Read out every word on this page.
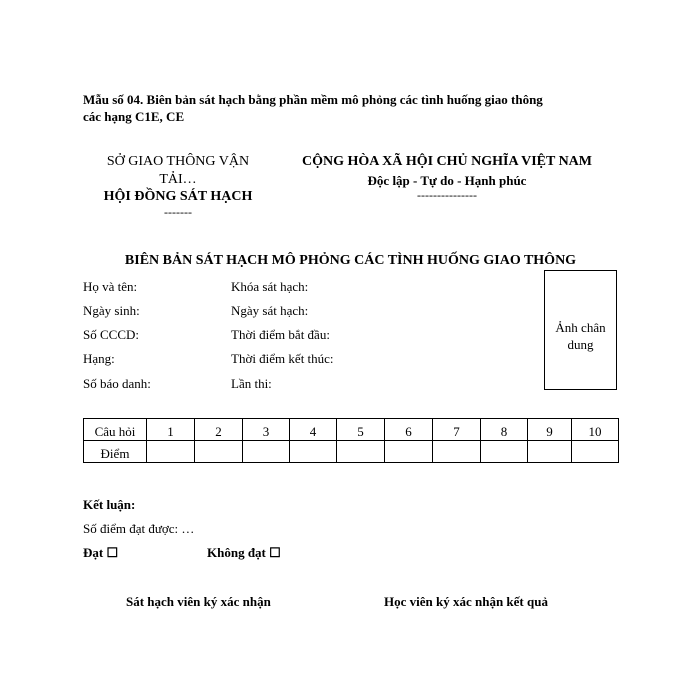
Mẫu số 04. Biên bản sát hạch bằng phần mềm mô phỏng các tình huống giao thông
các hạng C1E, CE
SỞ GIAO THÔNG VẬN
TẢI…
HỘI ĐỒNG SÁT HẠCH
-------
CỘNG HÒA XÃ HỘI CHỦ NGHĨA VIỆT NAM
Độc lập - Tự do - Hạnh phúc
---------------
BIÊN BẢN SÁT HẠCH MÔ PHỎNG CÁC TÌNH HUỐNG GIAO THÔNG
Họ và tên:
Ngày sinh:
Số CCCD:
Hạng:
Số báo danh:
Khóa sát hạch:
Ngày sát hạch:
Thời điểm bắt đầu:
Thời điểm kết thúc:
Lần thi:
Ảnh chân
dung
Câu hỏi	1	2	3	4	5	6	7	8	9	10
Điểm										
Kết luận:
Số điểm đạt được: …
Đạt ☐	Không đạt ☐
Sát hạch viên ký xác nhận	Học viên ký xác nhận kết quả
